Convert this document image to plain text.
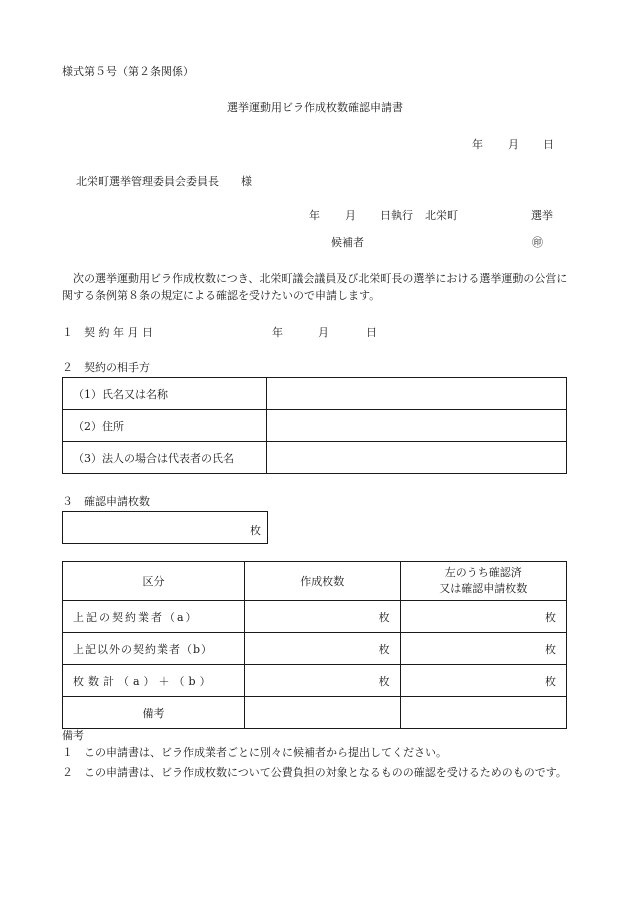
様式第５号（第２条関係）
選挙運動用ビラ作成枚数確認申請書
年 月 日
北栄町選挙管理委員会委員長　　様
年 月 日執行 北栄町	選挙
候補者	㊞
　次の選挙運動用ビラ作成枚数につき、北栄町議会議員及び北栄町長の選挙における選挙運動の公営に関する条例第８条の規定による確認を受けたいので申請します。
１　契 約 年 月 日	年	月	日
２　契約の相手方
（1）氏名又は名称	
（2）住所	
（3）法人の場合は代表者の氏名	
３　確認申請枚数
枚
区分	作成枚数	左のうち確認済
又は確認申請枚数

上記の契約業者（a）	枚	枚
上記以外の契約業者（b）	枚	枚
枚数計（a）＋（b）	枚	枚
備考		
備考
１　この申請書は、ビラ作成業者ごとに別々に候補者から提出してください。
２　この申請書は、ビラ作成枚数について公費負担の対象となるものの確認を受けるためのものです。
